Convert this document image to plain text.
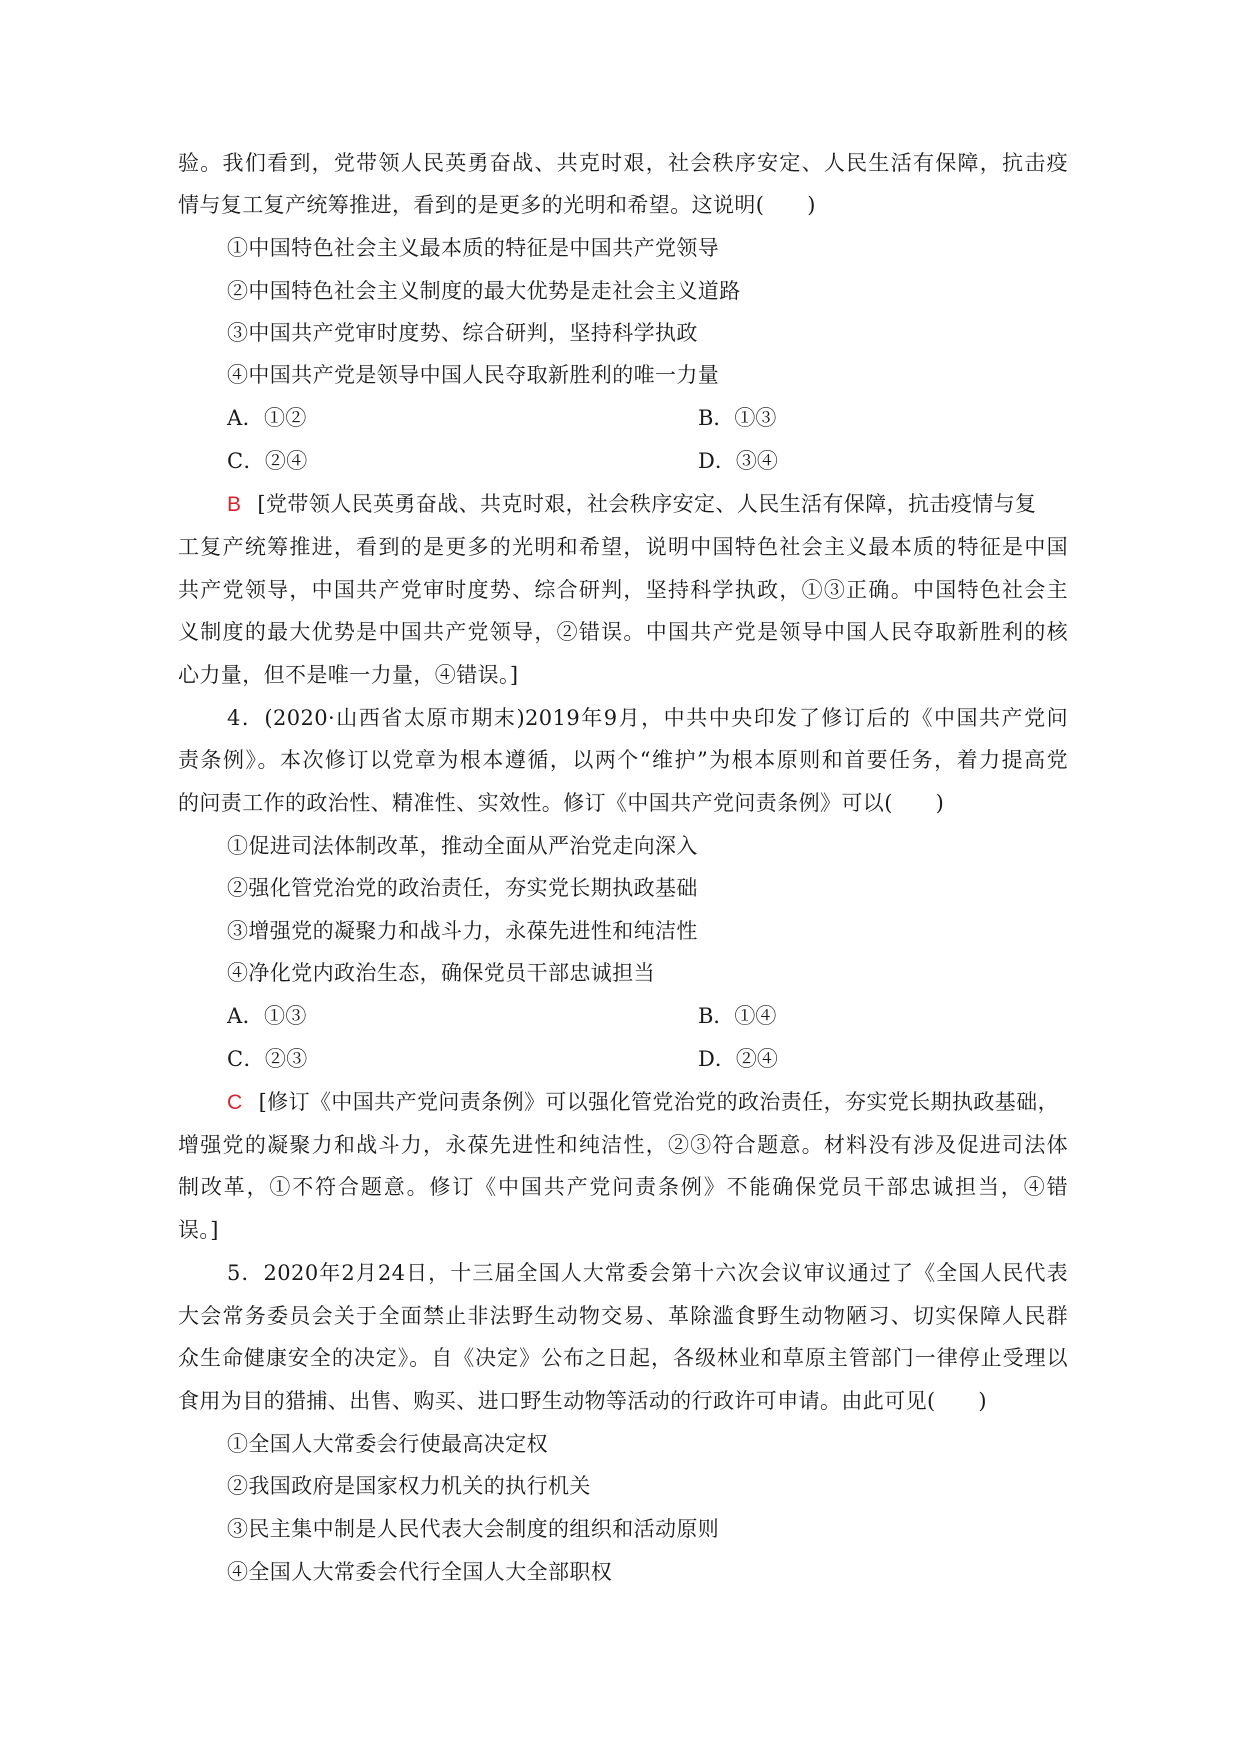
验。我们看到，党带领人民英勇奋战、共克时艰，社会秩序安定、人民生活有保障，抗击疫
情与复工复产统筹推进，看到的是更多的光明和希望。这说明(　　)
①中国特色社会主义最本质的特征是中国共产党领导
②中国特色社会主义制度的最大优势是走社会主义道路
③中国共产党审时度势、综合研判，坚持科学执政
④中国共产党是领导中国人民夺取新胜利的唯一力量
A．①②	B．①③
C．②④	D．③④
B [党带领人民英勇奋战、共克时艰，社会秩序安定、人民生活有保障，抗击疫情与复
工复产统筹推进，看到的是更多的光明和希望，说明中国特色社会主义最本质的特征是中国
共产党领导，中国共产党审时度势、综合研判，坚持科学执政，①③正确。中国特色社会主
义制度的最大优势是中国共产党领导，②错误。中国共产党是领导中国人民夺取新胜利的核
心力量，但不是唯一力量，④错误。]
4．(2020·山西省太原市期末)2019年9月，中共中央印发了修订后的《中国共产党问
责条例》。本次修订以党章为根本遵循，以两个“维护”为根本原则和首要任务，着力提高党
的问责工作的政治性、精准性、实效性。修订《中国共产党问责条例》可以(　　)
①促进司法体制改革，推动全面从严治党走向深入
②强化管党治党的政治责任，夯实党长期执政基础
③增强党的凝聚力和战斗力，永葆先进性和纯洁性
④净化党内政治生态，确保党员干部忠诚担当
A．①③	B．①④
C．②③	D．②④
C [修订《中国共产党问责条例》可以强化管党治党的政治责任，夯实党长期执政基础，
增强党的凝聚力和战斗力，永葆先进性和纯洁性，②③符合题意。材料没有涉及促进司法体
制改革，①不符合题意。修订《中国共产党问责条例》不能确保党员干部忠诚担当，④错
误。]
5．2020年2月24日，十三届全国人大常委会第十六次会议审议通过了《全国人民代表
大会常务委员会关于全面禁止非法野生动物交易、革除滥食野生动物陋习、切实保障人民群
众生命健康安全的决定》。自《决定》公布之日起，各级林业和草原主管部门一律停止受理以
食用为目的猎捕、出售、购买、进口野生动物等活动的行政许可申请。由此可见(　　)
①全国人大常委会行使最高决定权
②我国政府是国家权力机关的执行机关
③民主集中制是人民代表大会制度的组织和活动原则
④全国人大常委会代行全国人大全部职权
